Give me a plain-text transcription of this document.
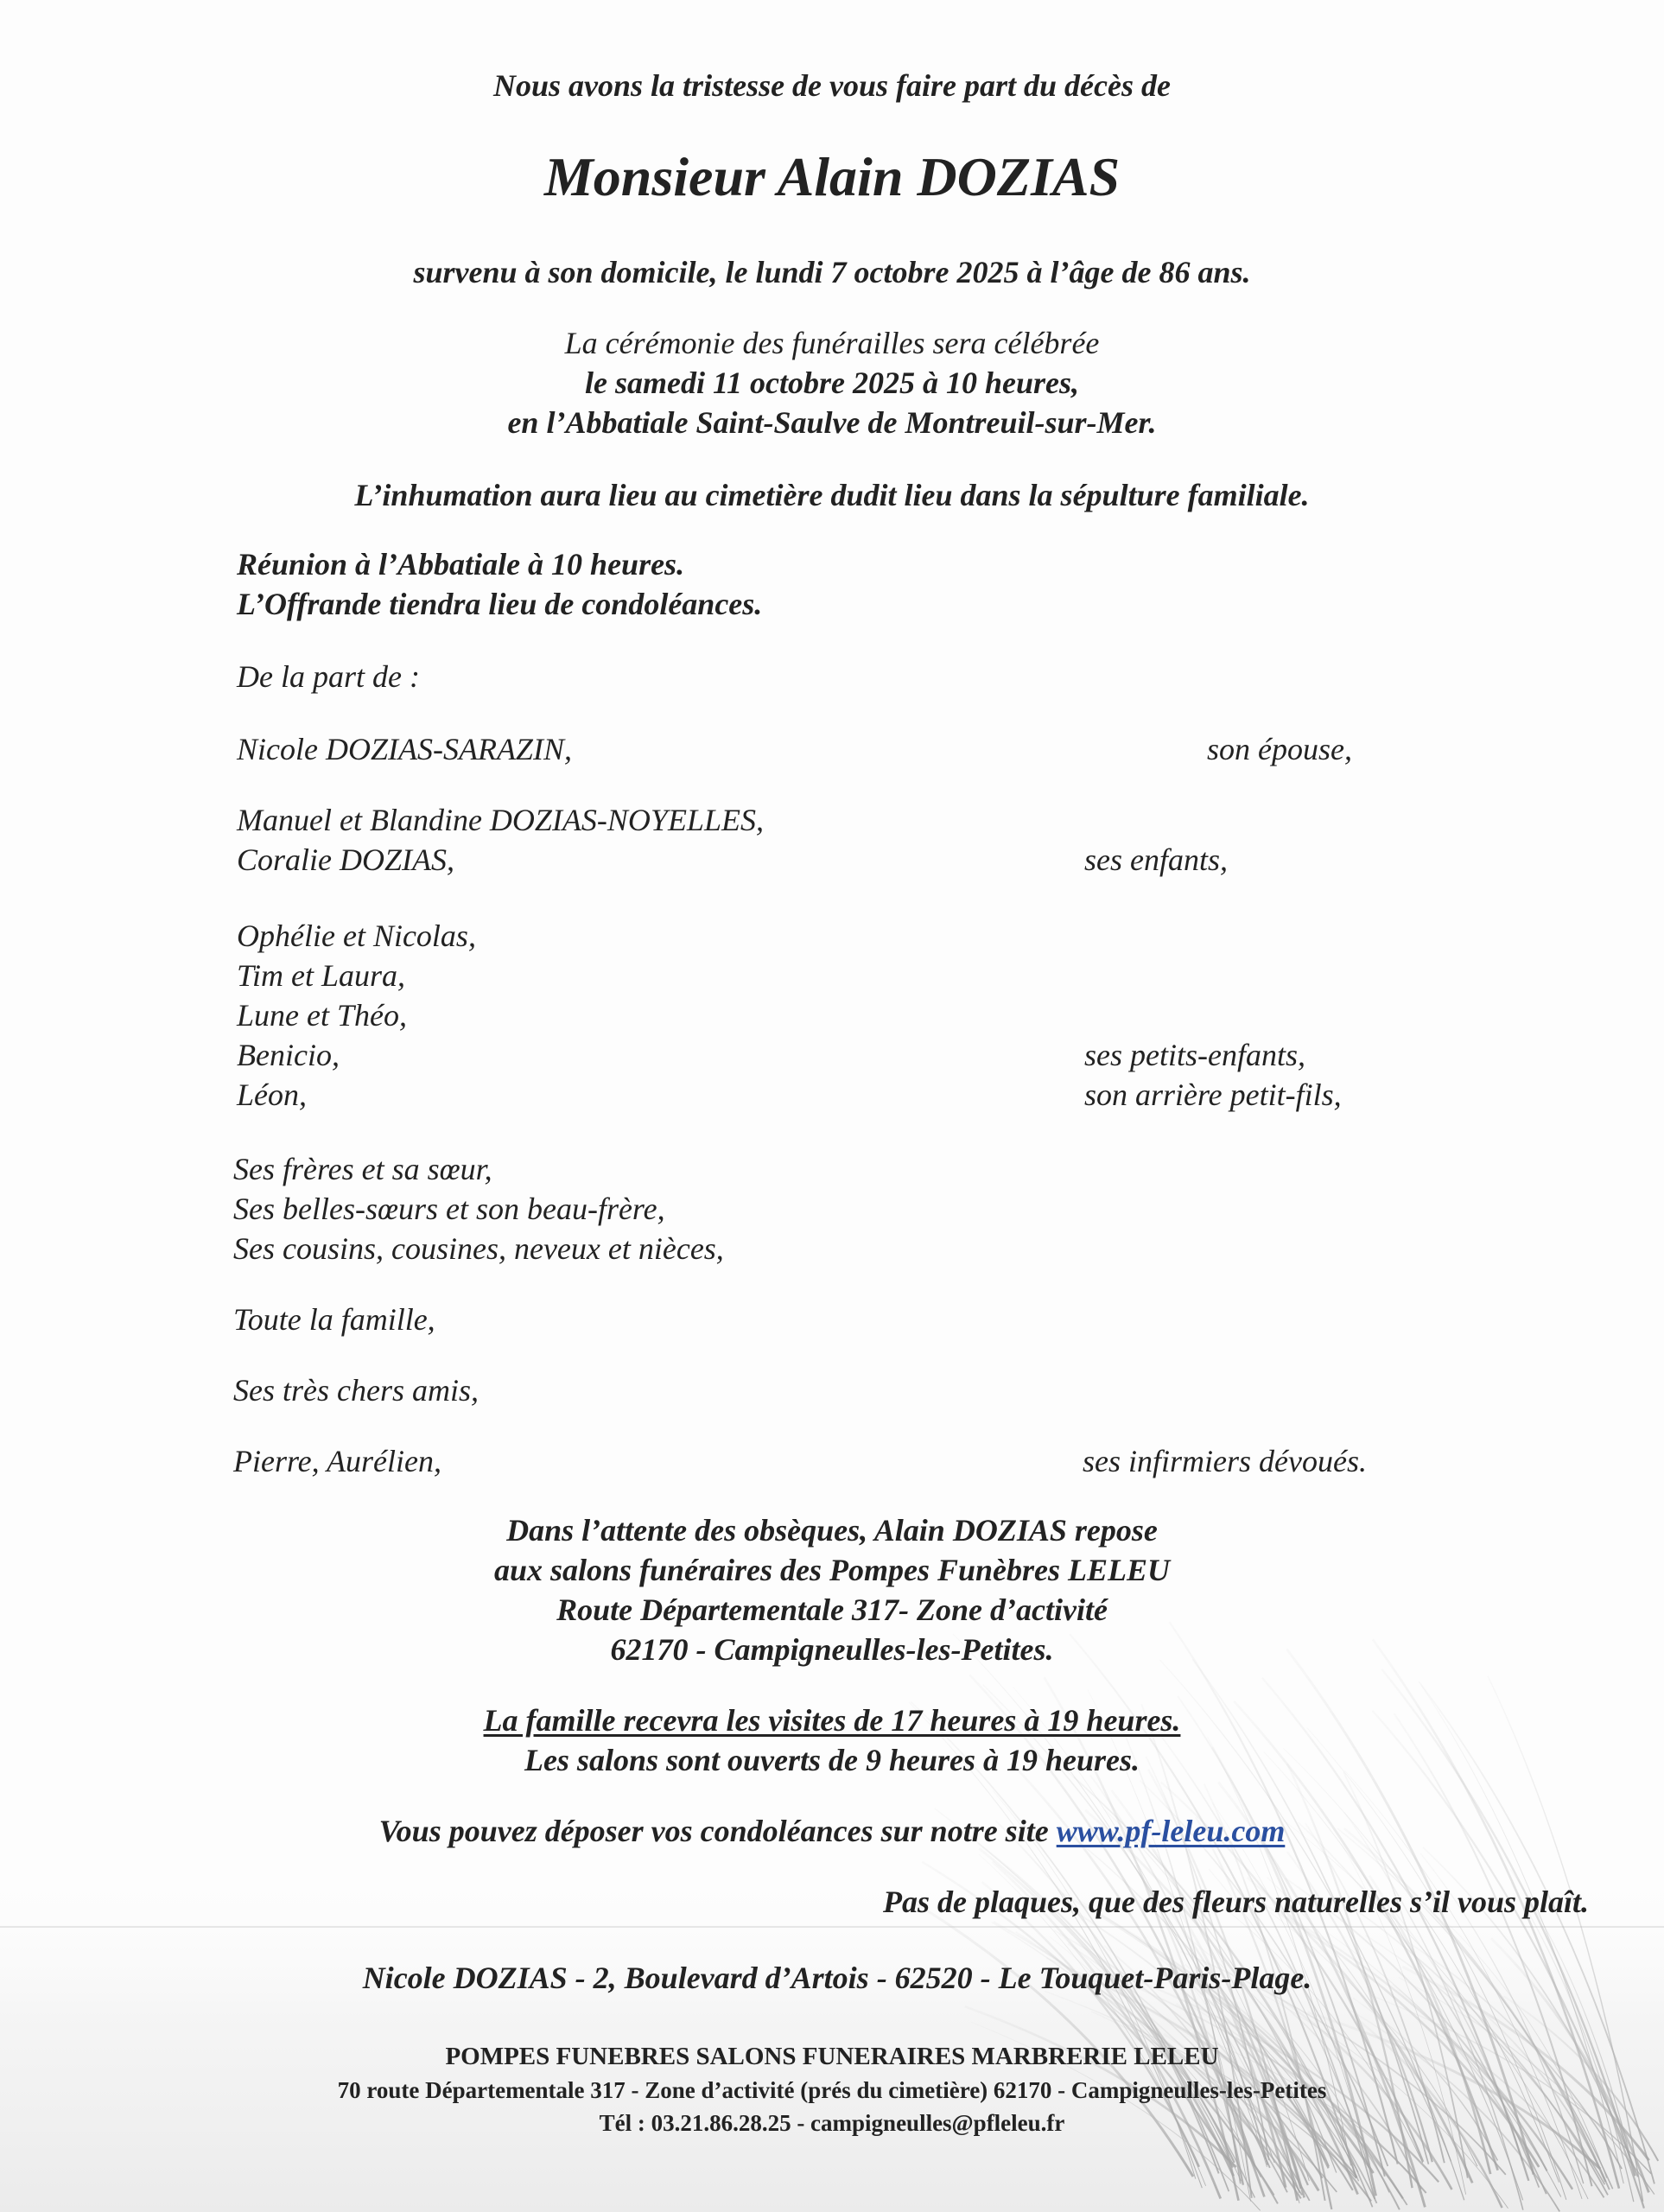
Nous avons la tristesse de vous faire part du décès de
Monsieur Alain DOZIAS
survenu à son domicile, le lundi 7 octobre 2025 à l’âge de 86 ans.
La cérémonie des funérailles sera célébrée
le samedi 11 octobre 2025 à 10 heures,
en l’Abbatiale Saint-Saulve de Montreuil-sur-Mer.
L’inhumation aura lieu au cimetière dudit lieu dans la sépulture familiale.
Réunion à l’Abbatiale à 10 heures.
L’Offrande tiendra lieu de condoléances.
De la part de :
Nicole DOZIAS-SARAZIN,	son épouse,
Manuel et Blandine DOZIAS-NOYELLES,
Coralie DOZIAS,	ses enfants,
Ophélie et Nicolas,
Tim et Laura,
Lune et Théo,
Benicio,	ses petits-enfants,
Léon,	son arrière petit-fils,
Ses frères et sa sœur,
Ses belles-sœurs et son beau-frère,
Ses cousins, cousines, neveux et nièces,
Toute la famille,
Ses très chers amis,
Pierre, Aurélien,	ses infirmiers dévoués.
Dans l’attente des obsèques, Alain DOZIAS repose
aux salons funéraires des Pompes Funèbres LELEU
Route Départementale 317- Zone d’activité
62170 - Campigneulles-les-Petites.
La famille recevra les visites de 17 heures à 19 heures.
Les salons sont ouverts de 9 heures à 19 heures.
Vous pouvez déposer vos condoléances sur notre site www.pf-leleu.com
Pas de plaques, que des fleurs naturelles s’il vous plaît.
Nicole DOZIAS - 2, Boulevard d’Artois - 62520 - Le Touquet-Paris-Plage.
POMPES FUNEBRES SALONS FUNERAIRES MARBRERIE LELEU
70 route Départementale 317 - Zone d’activité (prés du cimetière) 62170 - Campigneulles-les-Petites
Tél : 03.21.86.28.25 - campigneulles@pfleleu.fr
